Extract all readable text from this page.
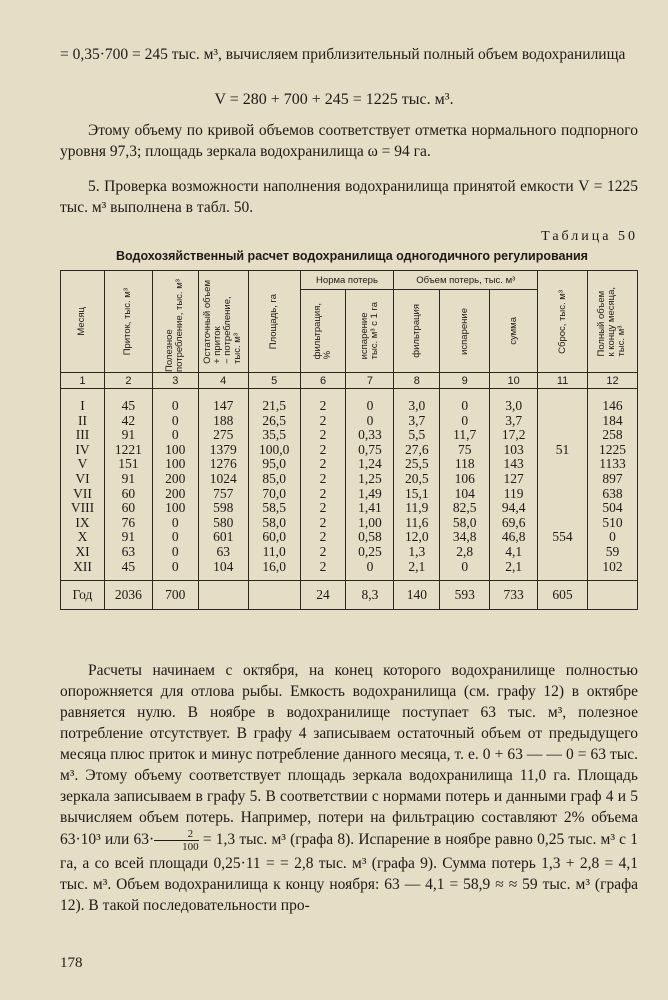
= 0,35·700 = 245 тыс. м³, вычисляем приблизительный полный объем водохранилища
V = 280 + 700 + 245 = 1225 тыс. м³.
Этому объему по кривой объемов соответствует отметка нормального подпорного уровня 97,3; площадь зеркала водохранилища ω = 94 га.
5. Проверка возможности наполнения водохранилища принятой емкости V = 1225 тыс. м³ выполнена в табл. 50.
Таблица 50
Водохозяйственный расчет водохранилища одногодичного регулирования
Месяц	Приток, тыс. м³	Полезное потребление, тыс. м³	Остаточный объем
+ приток
− потребление,
тыс. м³	Площадь, га	Норма потерь		Объем потерь, тыс. м³			Сброс, тыс. м³	Полный объем
к концу месяца,
тыс. м³

					фильтрация,
%	испарение
тыс. м³ с 1 га	фильтрация	испарение	сумма		

1	2	3	4	5	6	7	8	9	10	11	12
I	45	0	147	21,5	2	0	3,0	0	3,0		146
II	42	0	188	26,5	2	0	3,7	0	3,7		184
III	91	0	275	35,5	2	0,33	5,5	11,7	17,2		258
IV	1221	100	1379	100,0	2	0,75	27,6	75	103	51	1225
V	151	100	1276	95,0	2	1,24	25,5	118	143		1133
VI	91	200	1024	85,0	2	1,25	20,5	106	127		897
VII	60	200	757	70,0	2	1,49	15,1	104	119		638
VIII	60	100	598	58,5	2	1,41	11,9	82,5	94,4		504
IX	76	0	580	58,0	2	1,00	11,6	58,0	69,6		510
X	91	0	601	60,0	2	0,58	12,0	34,8	46,8	554	0
XI	63	0	63	11,0	2	0,25	1,3	2,8	4,1		59
XII	45	0	104	16,0	2	0	2,1	0	2,1		102
Год	2036	700			24	8,3	140	593	733	605	
Расчеты начинаем с октября, на конец которого водохранилище полностью опорожняется для отлова рыбы. Емкость водохранилища (см. графу 12) в октябре равняется нулю. В ноябре в водохранилище поступает 63 тыс. м³, полезное потребление отсутствует. В графу 4 записываем остаточный объем от предыдущего месяца плюс приток и минус потребление данного месяца, т. е. 0 + 63 — — 0 = 63 тыс. м³. Этому объему соответствует площадь зеркала водохранилища 11,0 га. Площадь зеркала записываем в графу 5. В соответствии с нормами потерь и данными граф 4 и 5 вычисляем объем потерь. Например, потери на фильтрацию составляют 2% объема 63·10³ или $63\cdot \frac{2}{100} = 1,3$ тыс. м³ (графа 8). Испарение в ноябре равно 0,25 тыс. м³ с 1 га, а со всей площади 0,25·11 = = 2,8 тыс. м³ (графа 9). Сумма потерь 1,3 + 2,8 = 4,1 тыс. м³. Объем водохранилища к концу ноября: 63 — 4,1 = 58,9 ≈ ≈ 59 тыс. м³ (графа 12). В такой последовательности про-
178
